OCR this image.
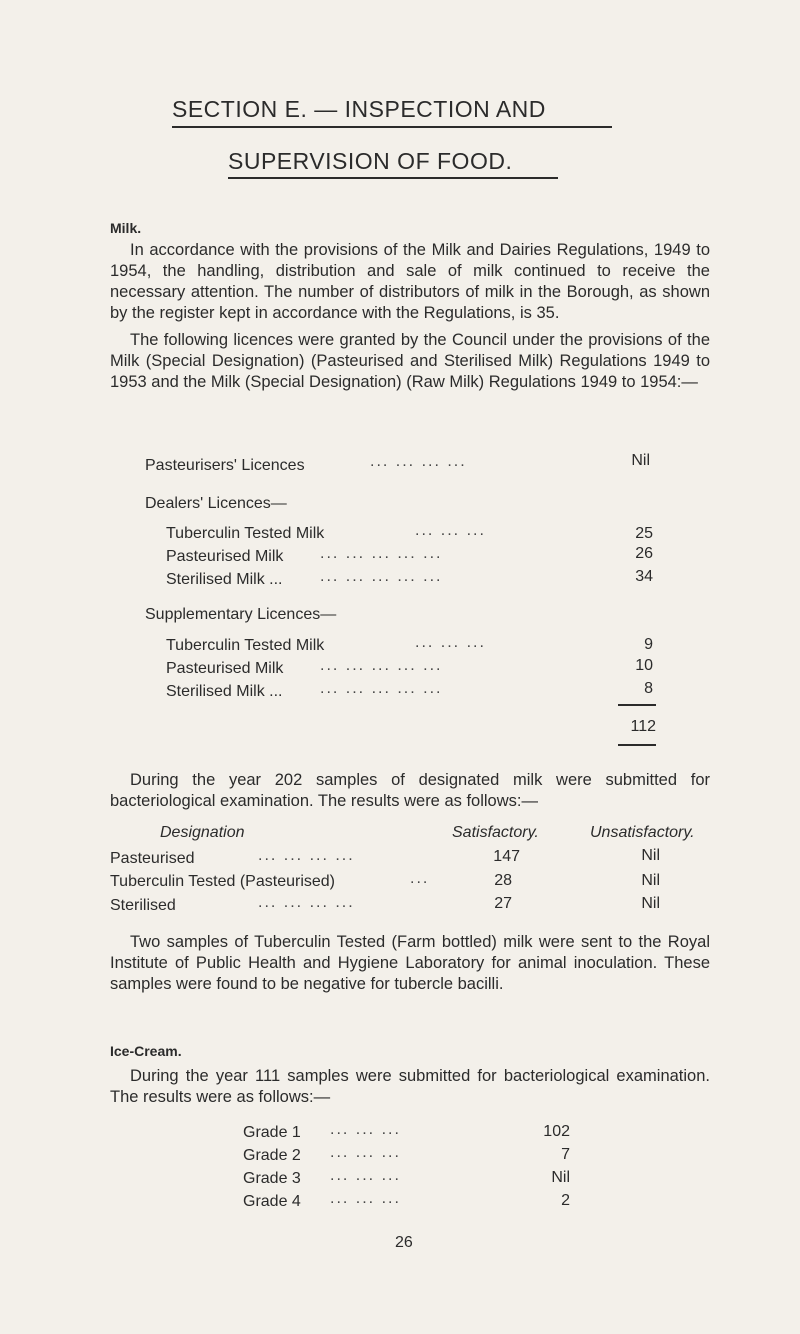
SECTION E. — INSPECTION AND
SUPERVISION OF FOOD.
Milk.
In accordance with the provisions of the Milk and Dairies Regulations, 1949 to 1954, the handling, distribution and sale of milk continued to receive the necessary attention. The number of distributors of milk in the Borough, as shown by the register kept in accordance with the Regulations, is 35.
The following licences were granted by the Council under the provisions of the Milk (Special Designation) (Pasteurised and Sterilised Milk) Regulations 1949 to 1953 and the Milk (Special Designation) (Raw Milk) Regulations 1949 to 1954:—
Pasteurisers' Licences	... ... ... ...	Nil
Dealers' Licences—
Tuberculin Tested Milk	... ... ...	25
Pasteurised Milk ... ... ... ... ...	26
Sterilised Milk ... ... ... ... ... ...	34
Supplementary Licences—
Tuberculin Tested Milk	... ... ...	9
Pasteurised Milk ... ... ... ... ...	10
Sterilised Milk ... ... ... ... ... ...	8
112
During the year 202 samples of designated milk were submitted for bacteriological examination. The results were as follows:—
Designation	Satisfactory.	Unsatisfactory.
Pasteurised	... ... ... ...	147	Nil
Tuberculin Tested (Pasteurised)	...	28	Nil
Sterilised	... ... ... ...	27	Nil
Two samples of Tuberculin Tested (Farm bottled) milk were sent to the Royal Institute of Public Health and Hygiene Laboratory for animal inoculation. These samples were found to be negative for tubercle bacilli.
Ice-Cream.
During the year 111 samples were submitted for bacteriological examination. The results were as follows:—
Grade 1 ... ... ...	102
Grade 2 ... ... ...	7
Grade 3 ... ... ...	Nil
Grade 4 ... ... ...	2
26
